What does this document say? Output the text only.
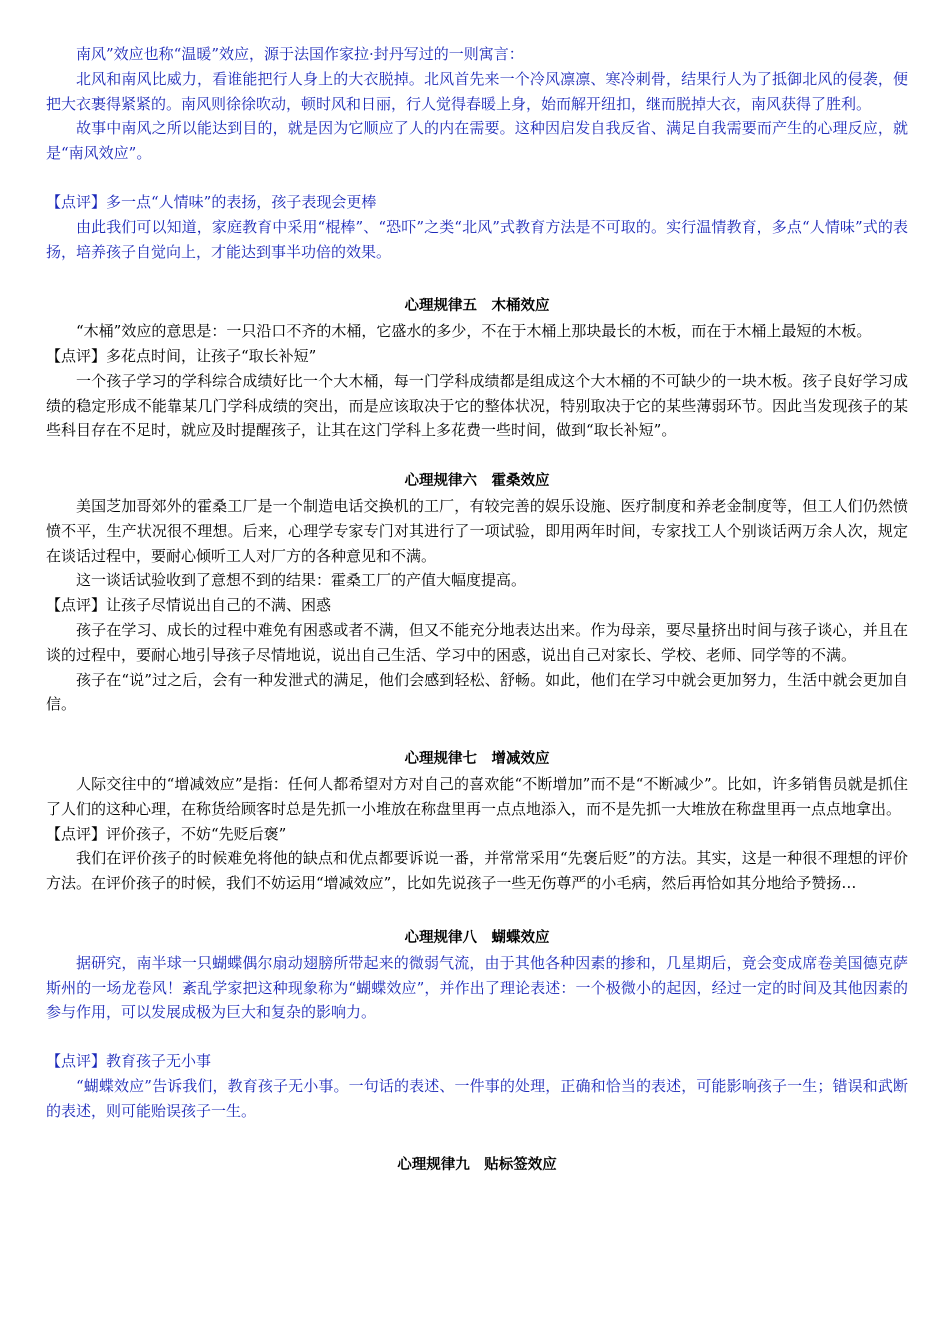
南风”效应也称“温暖”效应，源于法国作家拉·封丹写过的一则寓言：

北风和南风比威力，看谁能把行人身上的大衣脱掉。北风首先来一个冷风凛凛、寒冷刺骨，结果行人为了抵御北风的侵袭，便把大衣裹得紧紧的。南风则徐徐吹动，顿时风和日丽，行人觉得春暖上身，始而解开纽扣，继而脱掉大衣，南风获得了胜利。

故事中南风之所以能达到目的，就是因为它顺应了人的内在需要。这种因启发自我反省、满足自我需要而产生的心理反应，就是“南风效应”。

【点评】多一点“人情味”的表扬，孩子表现会更棒

由此我们可以知道，家庭教育中采用“棍棒”、“恐吓”之类“北风”式教育方法是不可取的。实行温情教育，多点“人情味”式的表扬，培养孩子自觉向上，才能达到事半功倍的效果。

心理规律五　木桶效应

“木桶”效应的意思是：一只沿口不齐的木桶，它盛水的多少，不在于木桶上那块最长的木板，而在于木桶上最短的木板。

【点评】多花点时间，让孩子“取长补短”

一个孩子学习的学科综合成绩好比一个大木桶，每一门学科成绩都是组成这个大木桶的不可缺少的一块木板。孩子良好学习成绩的稳定形成不能靠某几门学科成绩的突出，而是应该取决于它的整体状况，特别取决于它的某些薄弱环节。因此当发现孩子的某些科目存在不足时，就应及时提醒孩子，让其在这门学科上多花费一些时间，做到“取长补短”。

心理规律六　霍桑效应

美国芝加哥郊外的霍桑工厂是一个制造电话交换机的工厂，有较完善的娱乐设施、医疗制度和养老金制度等，但工人们仍然愤愤不平，生产状况很不理想。后来，心理学专家专门对其进行了一项试验，即用两年时间，专家找工人个别谈话两万余人次，规定在谈话过程中，要耐心倾听工人对厂方的各种意见和不满。

这一谈话试验收到了意想不到的结果：霍桑工厂的产值大幅度提高。

【点评】让孩子尽情说出自己的不满、困惑

孩子在学习、成长的过程中难免有困惑或者不满，但又不能充分地表达出来。作为母亲，要尽量挤出时间与孩子谈心，并且在谈的过程中，要耐心地引导孩子尽情地说，说出自己生活、学习中的困惑，说出自己对家长、学校、老师、同学等的不满。

孩子在“说”过之后，会有一种发泄式的满足，他们会感到轻松、舒畅。如此，他们在学习中就会更加努力，生活中就会更加自信。

心理规律七　增减效应

人际交往中的“增减效应”是指：任何人都希望对方对自己的喜欢能“不断增加”而不是“不断减少”。比如，许多销售员就是抓住了人们的这种心理，在称货给顾客时总是先抓一小堆放在称盘里再一点点地添入，而不是先抓一大堆放在称盘里再一点点地拿出。

【点评】评价孩子，不妨“先贬后褒”

我们在评价孩子的时候难免将他的缺点和优点都要诉说一番，并常常采用“先褒后贬”的方法。其实，这是一种很不理想的评价方法。在评价孩子的时候，我们不妨运用“增减效应”，比如先说孩子一些无伤尊严的小毛病，然后再恰如其分地给予赞扬…

心理规律八　蝴蝶效应

据研究，南半球一只蝴蝶偶尔扇动翅膀所带起来的微弱气流，由于其他各种因素的掺和，几星期后，竟会变成席卷美国德克萨斯州的一场龙卷风！紊乱学家把这种现象称为“蝴蝶效应”，并作出了理论表述：一个极微小的起因，经过一定的时间及其他因素的参与作用，可以发展成极为巨大和复杂的影响力。

【点评】教育孩子无小事

“蝴蝶效应”告诉我们，教育孩子无小事。一句话的表述、一件事的处理，正确和恰当的表述，可能影响孩子一生；错误和武断的表述，则可能贻误孩子一生。

心理规律九　贴标签效应
